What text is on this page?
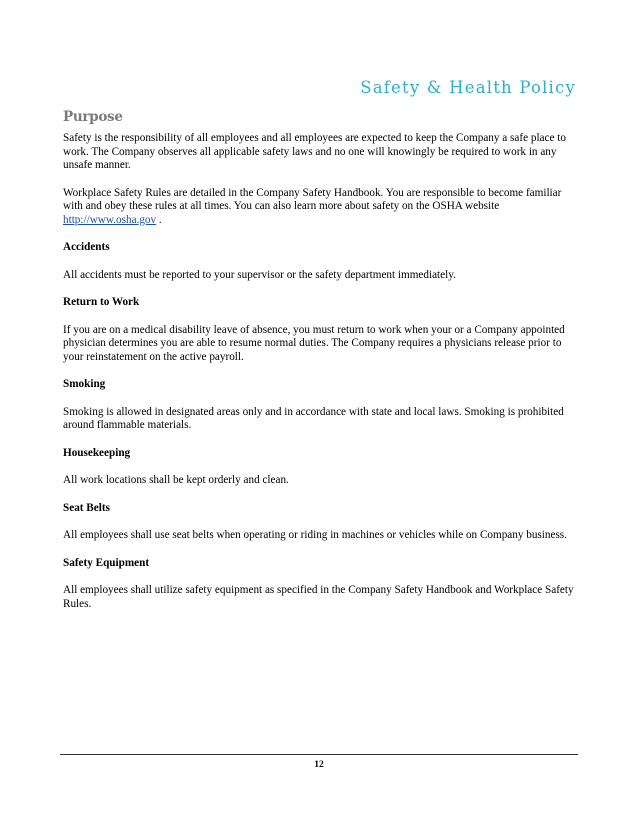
Safety & Health Policy
Purpose

Safety is the responsibility of all employees and all employees are expected to keep the Company a safe place to work. The Company observes all applicable safety laws and no one will knowingly be required to work in any unsafe manner.

Workplace Safety Rules are detailed in the Company Safety Handbook. You are responsible to become familiar with and obey these rules at all times. You can also learn more about safety on the OSHA website
http://www.osha.gov .

Accidents

All accidents must be reported to your supervisor or the safety department immediately.

Return to Work

If you are on a medical disability leave of absence, you must return to work when your or a Company appointed physician determines you are able to resume normal duties. The Company requires a physicians release prior to your reinstatement on the active payroll.

Smoking

Smoking is allowed in designated areas only and in accordance with state and local laws. Smoking is prohibited around flammable materials.

Housekeeping

All work locations shall be kept orderly and clean.

Seat Belts

All employees shall use seat belts when operating or riding in machines or vehicles while on Company business.

Safety Equipment

All employees shall utilize safety equipment as specified in the Company Safety Handbook and Workplace Safety Rules.

12
